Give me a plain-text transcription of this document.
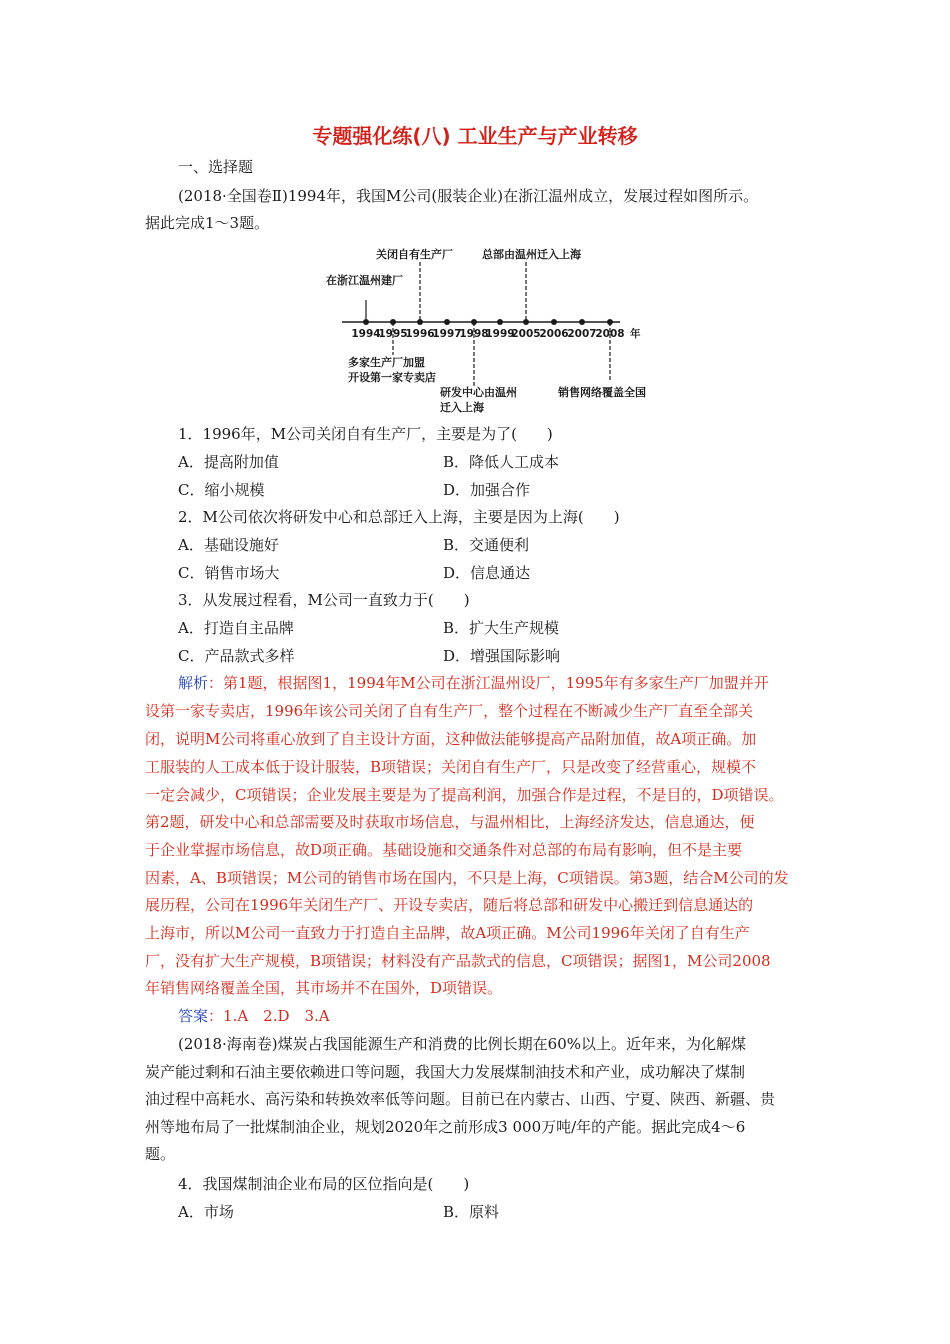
专题强化练(八) 工业生产与产业转移
一、选择题
(2018·全国卷Ⅱ)1994年，我国M公司(服装企业)在浙江温州成立，发展过程如图所示。
据此完成1～3题。
1994
1995
1996
1997
1998
1999
2005
2006
2007
2008 年
关闭自有生产厂	总部由温州迁入上海
在浙江温州建厂
多家生产厂加盟
开设第一家专卖店
研发中心由温州
迁入上海
销售网络覆盖全国
1．1996年，M公司关闭自有生产厂，主要是为了(　　)
A．提高附加值	B．降低人工成本
C．缩小规模	D．加强合作
2．M公司依次将研发中心和总部迁入上海，主要是因为上海(　　)
A．基础设施好	B．交通便利
C．销售市场大	D．信息通达
3．从发展过程看，M公司一直致力于(　　)
A．打造自主品牌	B．扩大生产规模
C．产品款式多样	D．增强国际影响
解析：第1题，根据图1，1994年M公司在浙江温州设厂，1995年有多家生产厂加盟并开
设第一家专卖店，1996年该公司关闭了自有生产厂，整个过程在不断减少生产厂直至全部关
闭，说明M公司将重心放到了自主设计方面，这种做法能够提高产品附加值，故A项正确。加
工服装的人工成本低于设计服装，B项错误；关闭自有生产厂，只是改变了经营重心，规模不
一定会减少，C项错误；企业发展主要是为了提高利润，加强合作是过程，不是目的，D项错误。
第2题，研发中心和总部需要及时获取市场信息，与温州相比，上海经济发达，信息通达，便
于企业掌握市场信息，故D项正确。基础设施和交通条件对总部的布局有影响，但不是主要
因素，A、B项错误；M公司的销售市场在国内，不只是上海，C项错误。第3题，结合M公司的发
展历程，公司在1996年关闭生产厂、开设专卖店，随后将总部和研发中心搬迁到信息通达的
上海市，所以M公司一直致力于打造自主品牌，故A项正确。M公司1996年关闭了自有生产
厂，没有扩大生产规模，B项错误；材料没有产品款式的信息，C项错误；据图1，M公司2008
年销售网络覆盖全国，其市场并不在国外，D项错误。
答案：1.A　2.D　3.A
(2018·海南卷)煤炭占我国能源生产和消费的比例长期在60%以上。近年来，为化解煤
炭产能过剩和石油主要依赖进口等问题，我国大力发展煤制油技术和产业，成功解决了煤制
油过程中高耗水、高污染和转换效率低等问题。目前已在内蒙古、山西、宁夏、陕西、新疆、贵
州等地布局了一批煤制油企业，规划2020年之前形成3 000万吨/年的产能。据此完成4～6
题。
4．我国煤制油企业布局的区位指向是(　　)
A．市场	B．原料
